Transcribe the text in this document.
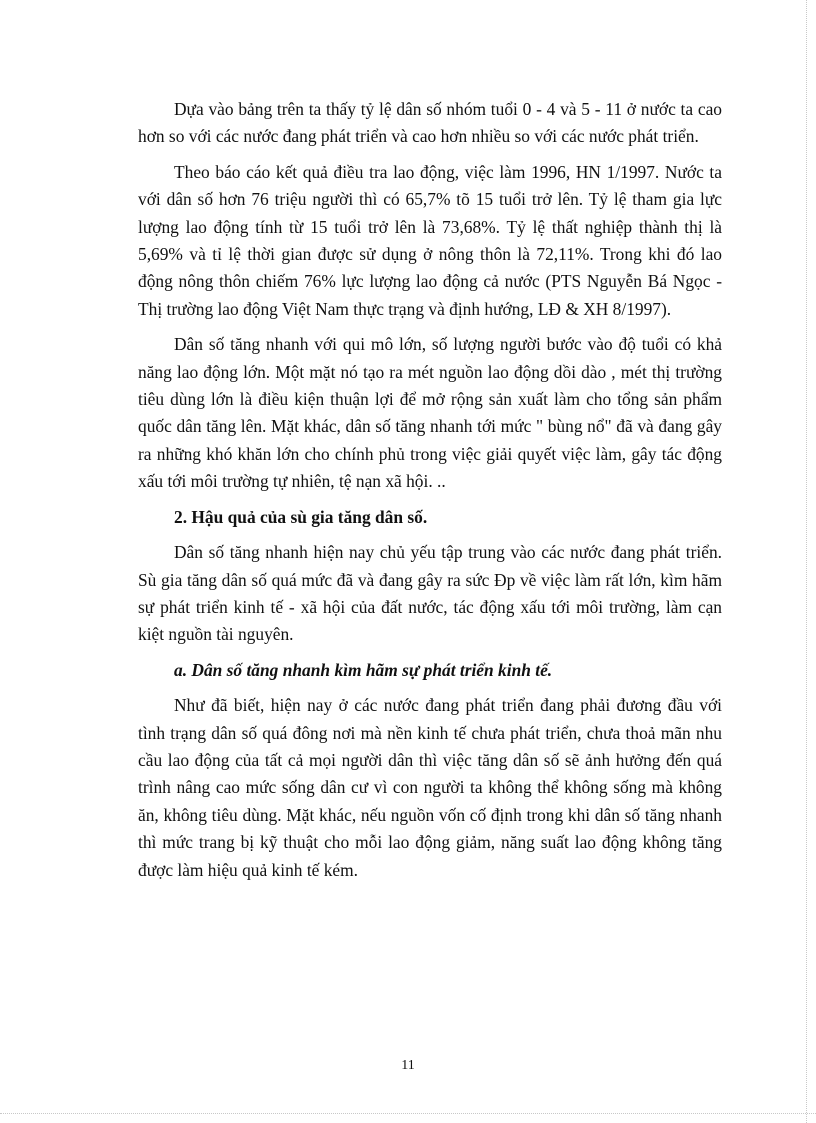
Dựa vào bảng trên ta thấy tỷ lệ dân số nhóm tuổi 0 - 4 và 5 - 11 ở nước ta cao hơn so với các nước đang phát triển và cao hơn nhiều so với các nước phát triển.

Theo báo cáo kết quả điều tra lao động, việc làm 1996, HN 1/1997. Nước ta với dân số hơn 76 triệu người thì có 65,7% tõ 15 tuổi trở lên. Tỷ lệ tham gia lực lượng lao động tính từ 15 tuổi trở lên là 73,68%. Tỷ lệ thất nghiệp thành thị là 5,69% và tỉ lệ thời gian được sử dụng ở nông thôn là 72,11%. Trong khi đó lao động nông thôn chiếm 76% lực lượng lao động cả nước (PTS Nguyễn Bá Ngọc - Thị trường lao động Việt Nam thực trạng và định hướng, LĐ & XH 8/1997).

Dân số tăng nhanh với qui mô lớn, số lượng người bước vào độ tuổi có khả năng lao động lớn. Một mặt nó tạo ra mét nguồn lao động dồi dào , mét thị trường tiêu dùng lớn là điều kiện thuận lợi để mở rộng sản xuất làm cho tổng sản phẩm quốc dân tăng lên. Mặt khác, dân số tăng nhanh tới mức " bùng nổ" đã và đang gây ra những khó khăn lớn cho chính phủ trong việc giải quyết việc làm, gây tác động xấu tới môi trường tự nhiên, tệ nạn xã hội. ..

2. Hậu quả của sù gia tăng dân số.

Dân số tăng nhanh hiện nay chủ yếu tập trung vào các nước đang phát triển. Sù gia tăng dân số quá mức đã và đang gây ra sức Ðp về việc làm rất lớn, kìm hãm sự phát triển kinh tế - xã hội của đất nước, tác động xấu tới môi trường, làm cạn kiệt nguồn tài nguyên.

a. Dân số tăng nhanh kìm hãm sự phát triển kinh tế.

Như đã biết, hiện nay ở các nước đang phát triển đang phải đương đầu với tình trạng dân số quá đông nơi mà nền kinh tế chưa phát triển, chưa thoả mãn nhu cầu lao động của tất cả mọi người dân thì việc tăng dân số sẽ ảnh hưởng đến quá trình nâng cao mức sống dân cư vì con người ta không thể không sống mà không ăn, không tiêu dùng. Mặt khác, nếu nguồn vốn cố định trong khi dân số tăng nhanh thì mức trang bị kỹ thuật cho mỗi lao động giảm, năng suất lao động không tăng được làm hiệu quả kinh tế kém.

11
